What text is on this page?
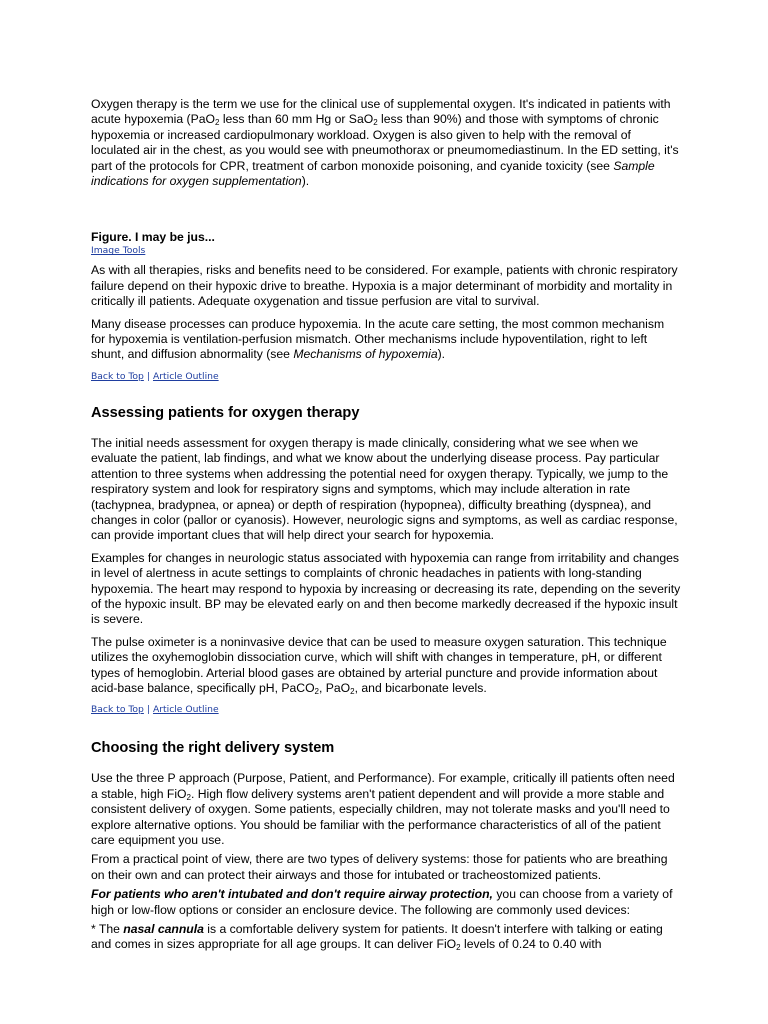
Oxygen therapy is the term we use for the clinical use of supplemental oxygen. It's indicated in patients with acute hypoxemia (PaO$_2$ less than 60 mm Hg or SaO$_2$ less than 90%) and those with symptoms of chronic hypoxemia or increased cardiopulmonary workload. Oxygen is also given to help with the removal of loculated air in the chest, as you would see with pneumothorax or pneumomediastinum. In the ED setting, it's part of the protocols for CPR, treatment of carbon monoxide poisoning, and cyanide toxicity (see Sample indications for oxygen supplementation).

Figure. I may be jus...
Image Tools

As with all therapies, risks and benefits need to be considered. For example, patients with chronic respiratory failure depend on their hypoxic drive to breathe. Hypoxia is a major determinant of morbidity and mortality in critically ill patients. Adequate oxygenation and tissue perfusion are vital to survival.

Many disease processes can produce hypoxemia. In the acute care setting, the most common mechanism for hypoxemia is ventilation-perfusion mismatch. Other mechanisms include hypoventilation, right to left shunt, and diffusion abnormality (see Mechanisms of hypoxemia).

Back to Top | Article Outline
Assessing patients for oxygen therapy

The initial needs assessment for oxygen therapy is made clinically, considering what we see when we evaluate the patient, lab findings, and what we know about the underlying disease process. Pay particular attention to three systems when addressing the potential need for oxygen therapy. Typically, we jump to the respiratory system and look for respiratory signs and symptoms, which may include alteration in rate (tachypnea, bradypnea, or apnea) or depth of respiration (hypopnea), difficulty breathing (dyspnea), and changes in color (pallor or cyanosis). However, neurologic signs and symptoms, as well as cardiac response, can provide important clues that will help direct your search for hypoxemia.

Examples for changes in neurologic status associated with hypoxemia can range from irritability and changes in level of alertness in acute settings to complaints of chronic headaches in patients with long-standing hypoxemia. The heart may respond to hypoxia by increasing or decreasing its rate, depending on the severity of the hypoxic insult. BP may be elevated early on and then become markedly decreased if the hypoxic insult is severe.

The pulse oximeter is a noninvasive device that can be used to measure oxygen saturation. This technique utilizes the oxyhemoglobin dissociation curve, which will shift with changes in temperature, pH, or different types of hemoglobin. Arterial blood gases are obtained by arterial puncture and provide information about acid-base balance, specifically pH, PaCO$_2$, PaO$_2$, and bicarbonate levels.

Back to Top | Article Outline
Choosing the right delivery system

Use the three P approach (Purpose, Patient, and Performance). For example, critically ill patients often need a stable, high FiO$_2$. High flow delivery systems aren't patient dependent and will provide a more stable and consistent delivery of oxygen. Some patients, especially children, may not tolerate masks and you'll need to explore alternative options. You should be familiar with the performance characteristics of all of the patient care equipment you use.

From a practical point of view, there are two types of delivery systems: those for patients who are breathing on their own and can protect their airways and those for intubated or tracheostomized patients.

For patients who aren't intubated and don't require airway protection, you can choose from a variety of high or low-flow options or consider an enclosure device. The following are commonly used devices:

* The nasal cannula is a comfortable delivery system for patients. It doesn't interfere with talking or eating and comes in sizes appropriate for all age groups. It can deliver FiO$_2$ levels of 0.24 to 0.40 with
